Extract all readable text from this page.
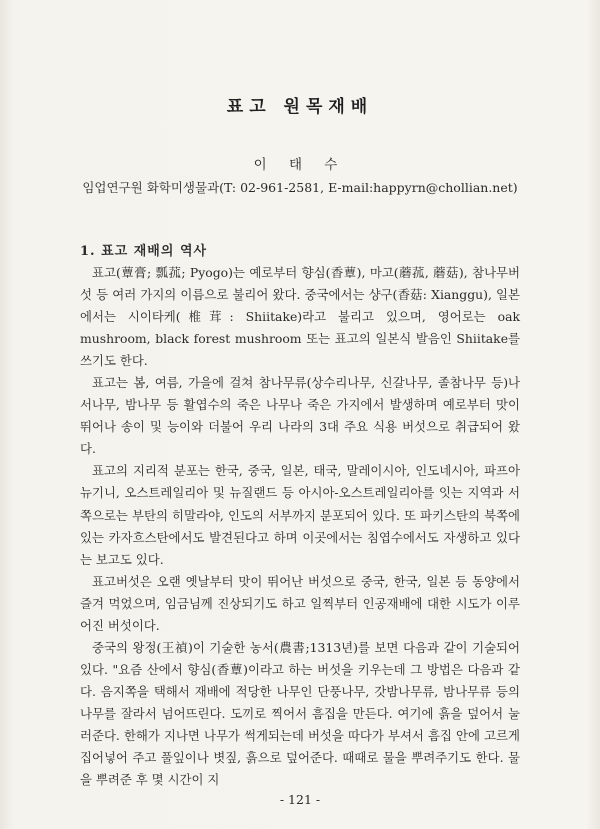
표고 원목재배
이 태 수
임업연구원 화학미생물과(T: 02-961-2581, E-mail:happyrn@chollian.net)
1. 표고 재배의 역사

표고(蕈膏; 瓢菰; Pyogo)는 예로부터 향심(香蕈), 마고(蘑菰, 蘑菇), 참나무버섯 등 여러 가지의 이름으로 불리어 왔다. 중국에서는 샹구(香菇: Xianggu), 일본에서는 시이타케(椎茸: Shiitake)라고 불리고 있으며, 영어로는 oak mushroom, black forest mushroom 또는 표고의 일본식 발음인 Shiitake를 쓰기도 한다.

표고는 봄, 여름, 가을에 걸쳐 참나무류(상수리나무, 신갈나무, 졸참나무 등)나 서나무, 밤나무 등 활엽수의 죽은 나무나 죽은 가지에서 발생하며 예로부터 맛이 뛰어나 송이 및 능이와 더불어 우리 나라의 3대 주요 식용 버섯으로 취급되어 왔다.

표고의 지리적 분포는 한국, 중국, 일본, 태국, 말레이시아, 인도네시아, 파프아뉴기니, 오스트레일리아 및 뉴질랜드 등 아시아-오스트레일리아를 잇는 지역과 서쪽으로는 부탄의 히말라야, 인도의 서부까지 분포되어 있다. 또 파키스탄의 북쪽에 있는 카자흐스탄에서도 발견된다고 하며 이곳에서는 침엽수에서도 자생하고 있다는 보고도 있다.

표고버섯은 오랜 옛날부터 맛이 뛰어난 버섯으로 중국, 한국, 일본 등 동양에서 즐겨 먹었으며, 임금님께 진상되기도 하고 일찍부터 인공재배에 대한 시도가 이루어진 버섯이다.

중국의 왕정(王禎)이 기술한 농서(農書;1313년)를 보면 다음과 같이 기술되어 있다. "요즘 산에서 향심(香蕈)이라고 하는 버섯을 키우는데 그 방법은 다음과 같다. 음지쪽을 택해서 재배에 적당한 나무인 단풍나무, 갓밤나무류, 밤나무류 등의 나무를 잘라서 넘어뜨린다. 도끼로 찍어서 흠집을 만든다. 여기에 흙을 덮어서 눌러준다. 한해가 지나면 나무가 썩게되는데 버섯을 따다가 부셔서 흠집 안에 고르게 집어넣어 주고 풀잎이나 볏짚, 흙으로 덮어준다. 때때로 물을 뿌려주기도 한다. 물을 뿌려준 후 몇 시간이 지

- 121 -
